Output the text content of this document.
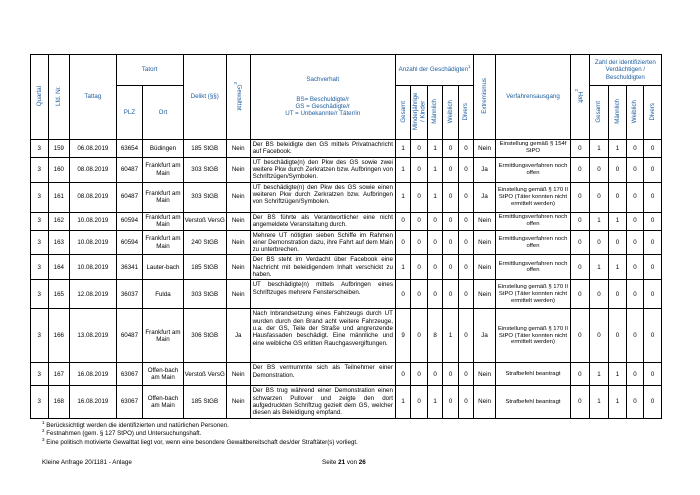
Quartal	Lfd. Nr.	Tattag	Tatort		Delikt (§§)	Gewalttat$^3$	Sachverhalt
BS= Beschuldigte/r
GS = Geschädigte/r
UT = Unbekannte/r Täter/in	Anzahl der Geschädigten$^1$					Extremismus	Verfahrensausgang	Haft$^2$	Zahl der identifizierten Verdächtigen / Beschuldigten			
			PLZ	Ort				Gesamt	Minderjährige / Kinder	Männlich	Weiblich	Divers				Gesamt	Männlich	Weiblich	Divers
3	159	06.08.2019	63654	Büdingen	185 StGB	Nein	Der BS beleidigte den GS mittels Privatnachricht auf Facebook.	1	0	1	0	0	Nein	Einstellung gemäß § 154f StPO	0	1	1	0	0
3	160	08.08.2019	60487	Frankfurt am Main	303 StGB	Nein	UT beschädigte(n) den Pkw des GS sowie zwei weitere Pkw durch Zerkratzen bzw. Aufbringen von Schriftzügen/Symbolen.	1	0	1	0	0	Ja	Ermittlungsverfahren noch offen	0	0	0	0	0
3	161	08.08.2019	60487	Frankfurt am Main	303 StGB	Nein	UT beschädigte(n) den Pkw des GS sowie einen weiteren Pkw durch Zerkratzen bzw. Aufbringen von Schriftzügen/Symbolen.	1	0	1	0	0	Ja	Einstellung gemäß § 170 II StPO (Täter konnten nicht ermittelt werden)	0	0	0	0	0
3	162	10.08.2019	60594	Frankfurt am Main	Verstoß VersG	Nein	Der BS führte als Verantwortlicher eine nicht angemeldete Veranstaltung durch.	0	0	0	0	0	Nein	Ermittlungsverfahren noch offen	0	1	1	0	0
3	163	10.08.2019	60594	Frankfurt am Main	240 StGB	Nein	Mehrere UT nötigten sieben Schiffe im Rahmen einer Demonstration dazu, ihre Fahrt auf dem Main zu unterbrechen.	0	0	0	0	0	Nein	Ermittlungsverfahren noch offen	0	0	0	0	0
3	164	10.08.2019	36341	Lauter-bach	185 StGB	Nein	Der BS steht im Verdacht über Facebook eine Nachricht mit beleidigendem Inhalt verschickt zu haben.	1	0	0	0	0	Nein	Ermittlungsverfahren noch offen	0	1	1	0	0
3	165	12.08.2019	36037	Fulda	303 StGB	Nein	UT beschädigte(n) mittels Aufbringen eines Schriftzuges mehrere Fensterscheiben.	0	0	0	0	0	Nein	Einstellung gemäß § 170 II StPO (Täter konnten nicht ermittelt werden)	0	0	0	0	0
3	166	13.08.2019	60487	Frankfurt am Main	306 StGB	Ja	Nach Inbrandsetzung eines Fahrzeugs durch UT wurden durch den Brand acht weitere Fahrzeuge, u.a. der GS, Teile der Straße und angrenzende Hausfassaden beschädigt. Eine männliche und eine weibliche GS erlitten Rauchgasvergiftungen.	9	0	8	1	0	Ja	Einstellung gemäß § 170 II StPO (Täter konnten nicht ermittelt werden)	0	0	0	0	0
3	167	16.08.2019	63067	Offen-bach am Main	Verstoß VersG	Nein	Der BS vermummte sich als Teilnehmer einer Demonstration.	0	0	0	0	0	Nein	Strafbefehl beantragt	0	1	1	0	0
3	168	16.08.2019	63067	Offen-bach am Main	185 StGB	Nein	Der BS trug während einer Demonstration einen schwarzen Pullover und zeigte den dort aufgedruckten Schriftzug gezielt dem GS, welcher diesen als Beleidigung empfand.	1	0	1	0	0	Nein	Strafbefehl beantragt	0	1	1	0	0
$^1$ Berücksichtigt werden die identifizierten und natürlichen Personen.
$^2$ Festnahmen (gem. § 127 StPO) und Untersuchungshaft.
$^3$ Eine politisch motivierte Gewalttat liegt vor, wenn eine besondere Gewaltbereitschaft des/der Straftäter(s) vorliegt.
Kleine Anfrage 20/1181 - Anlage	Seite 21 von 26
